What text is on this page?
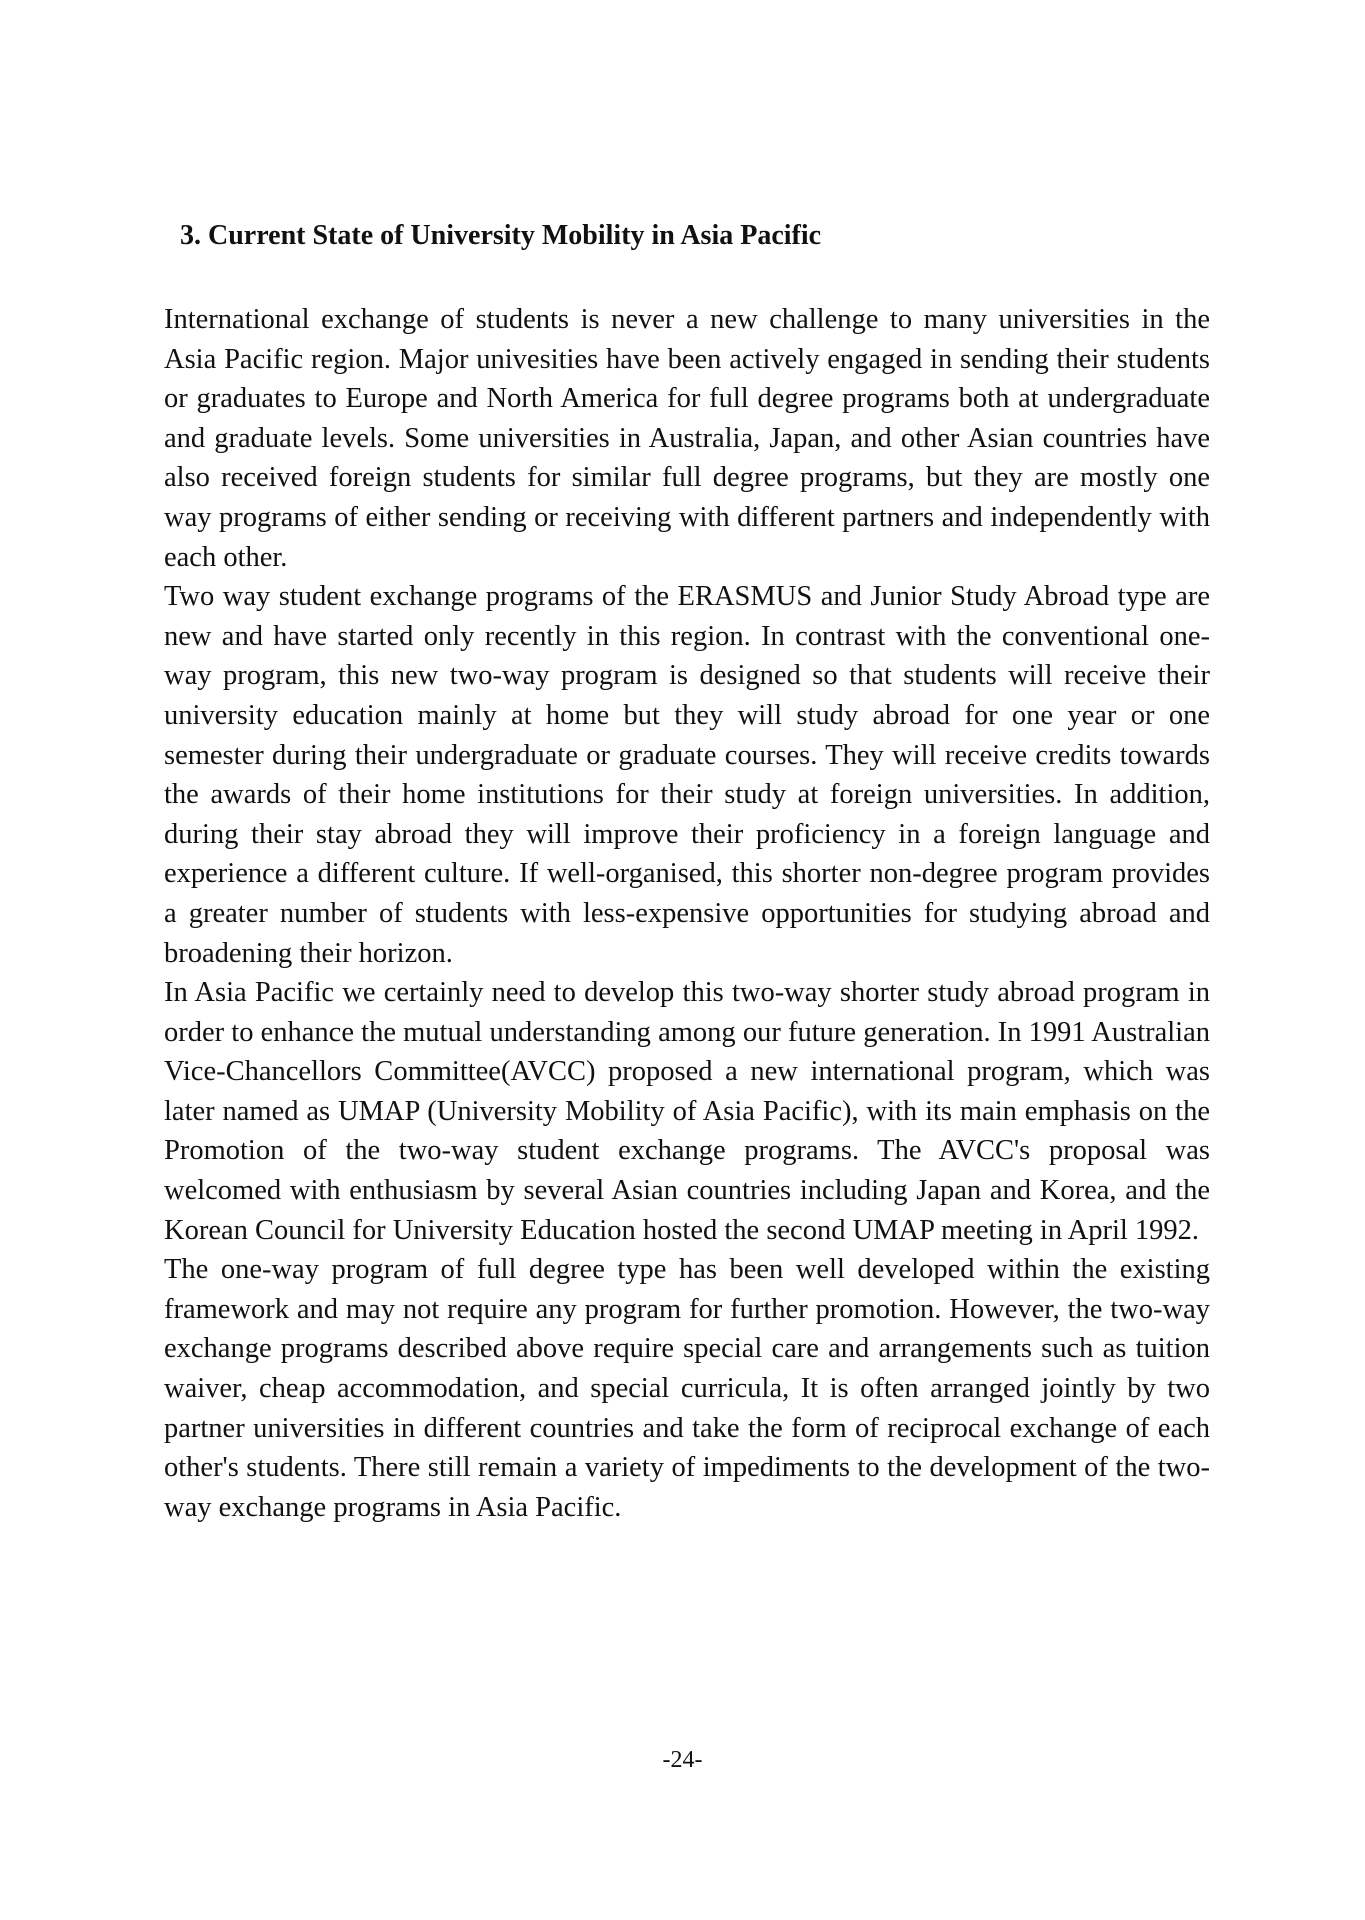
3. Current State of University Mobility in Asia Pacific

International exchange of students is never a new challenge to many universities in the Asia Pacific region. Major univesities have been actively engaged in sending their students or graduates to Europe and North America for full degree programs both at undergraduate and graduate levels. Some universities in Australia, Japan, and other Asian countries have also received foreign students for similar full degree programs, but they are mostly one way programs of either sending or receiving with different partners and independently with each other.

Two way student exchange programs of the ERASMUS and Junior Study Abroad type are new and have started only recently in this region. In contrast with the conventional one-way program, this new two-way program is designed so that students will receive their university education mainly at home but they will study abroad for one year or one semester during their undergraduate or graduate courses. They will receive credits towards the awards of their home institutions for their study at foreign universities. In addition, during their stay abroad they will improve their proficiency in a foreign language and experience a different culture. If well-organised, this shorter non-degree program provides a greater number of students with less-expensive opportunities for studying abroad and broadening their horizon.

In Asia Pacific we certainly need to develop this two-way shorter study abroad program in order to enhance the mutual understanding among our future generation. In 1991 Australian Vice-Chancellors Committee(AVCC) proposed a new international program, which was later named as UMAP (University Mobility of Asia Pacific), with its main emphasis on the Promotion of the two-way student exchange programs. The AVCC's proposal was welcomed with enthusiasm by several Asian countries including Japan and Korea, and the Korean Council for University Education hosted the second UMAP meeting in April 1992.

The one-way program of full degree type has been well developed within the existing framework and may not require any program for further promotion. However, the two-way exchange programs described above require special care and arrangements such as tuition waiver, cheap accommodation, and special curricula, It is often arranged jointly by two partner universities in different countries and take the form of reciprocal exchange of each other's students. There still remain a variety of impediments to the development of the two-way exchange programs in Asia Pacific.

-24-
